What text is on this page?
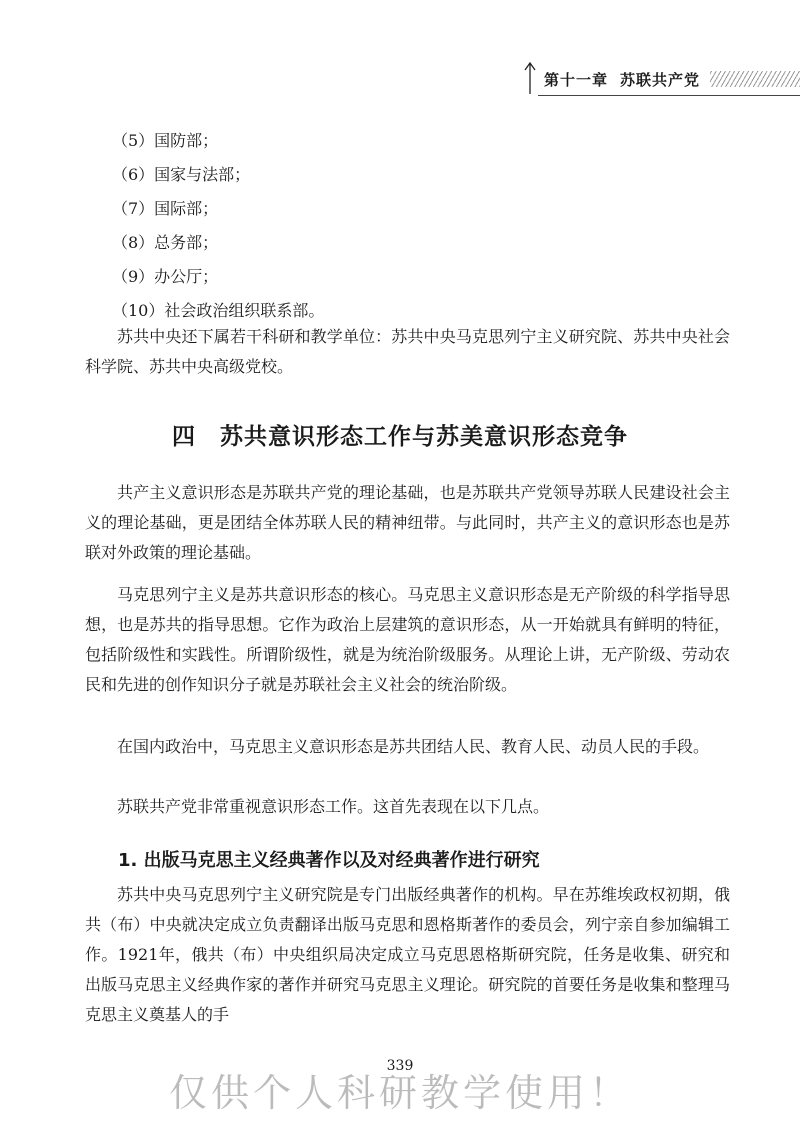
第十一章 苏联共产党
（5）国防部；
（6）国家与法部；
（7）国际部；
（8）总务部；
（9）办公厅；
（10）社会政治组织联系部。
苏共中央还下属若干科研和教学单位：苏共中央马克思列宁主义研究院、苏共中央社会科学院、苏共中央高级党校。
四 苏共意识形态工作与苏美意识形态竞争
共产主义意识形态是苏联共产党的理论基础，也是苏联共产党领导苏联人民建设社会主义的理论基础，更是团结全体苏联人民的精神纽带。与此同时，共产主义的意识形态也是苏联对外政策的理论基础。
马克思列宁主义是苏共意识形态的核心。马克思主义意识形态是无产阶级的科学指导思想，也是苏共的指导思想。它作为政治上层建筑的意识形态，从一开始就具有鲜明的特征，包括阶级性和实践性。所谓阶级性，就是为统治阶级服务。从理论上讲，无产阶级、劳动农民和先进的创作知识分子就是苏联社会主义社会的统治阶级。
在国内政治中，马克思主义意识形态是苏共团结人民、教育人民、动员人民的手段。
苏联共产党非常重视意识形态工作。这首先表现在以下几点。
1. 出版马克思主义经典著作以及对经典著作进行研究
苏共中央马克思列宁主义研究院是专门出版经典著作的机构。早在苏维埃政权初期，俄共（布）中央就决定成立负责翻译出版马克思和恩格斯著作的委员会，列宁亲自参加编辑工作。1921年，俄共（布）中央组织局决定成立马克思恩格斯研究院，任务是收集、研究和出版马克思主义经典作家的著作并研究马克思主义理论。研究院的首要任务是收集和整理马克思主义奠基人的手
339
仅供个人科研教学使用！
